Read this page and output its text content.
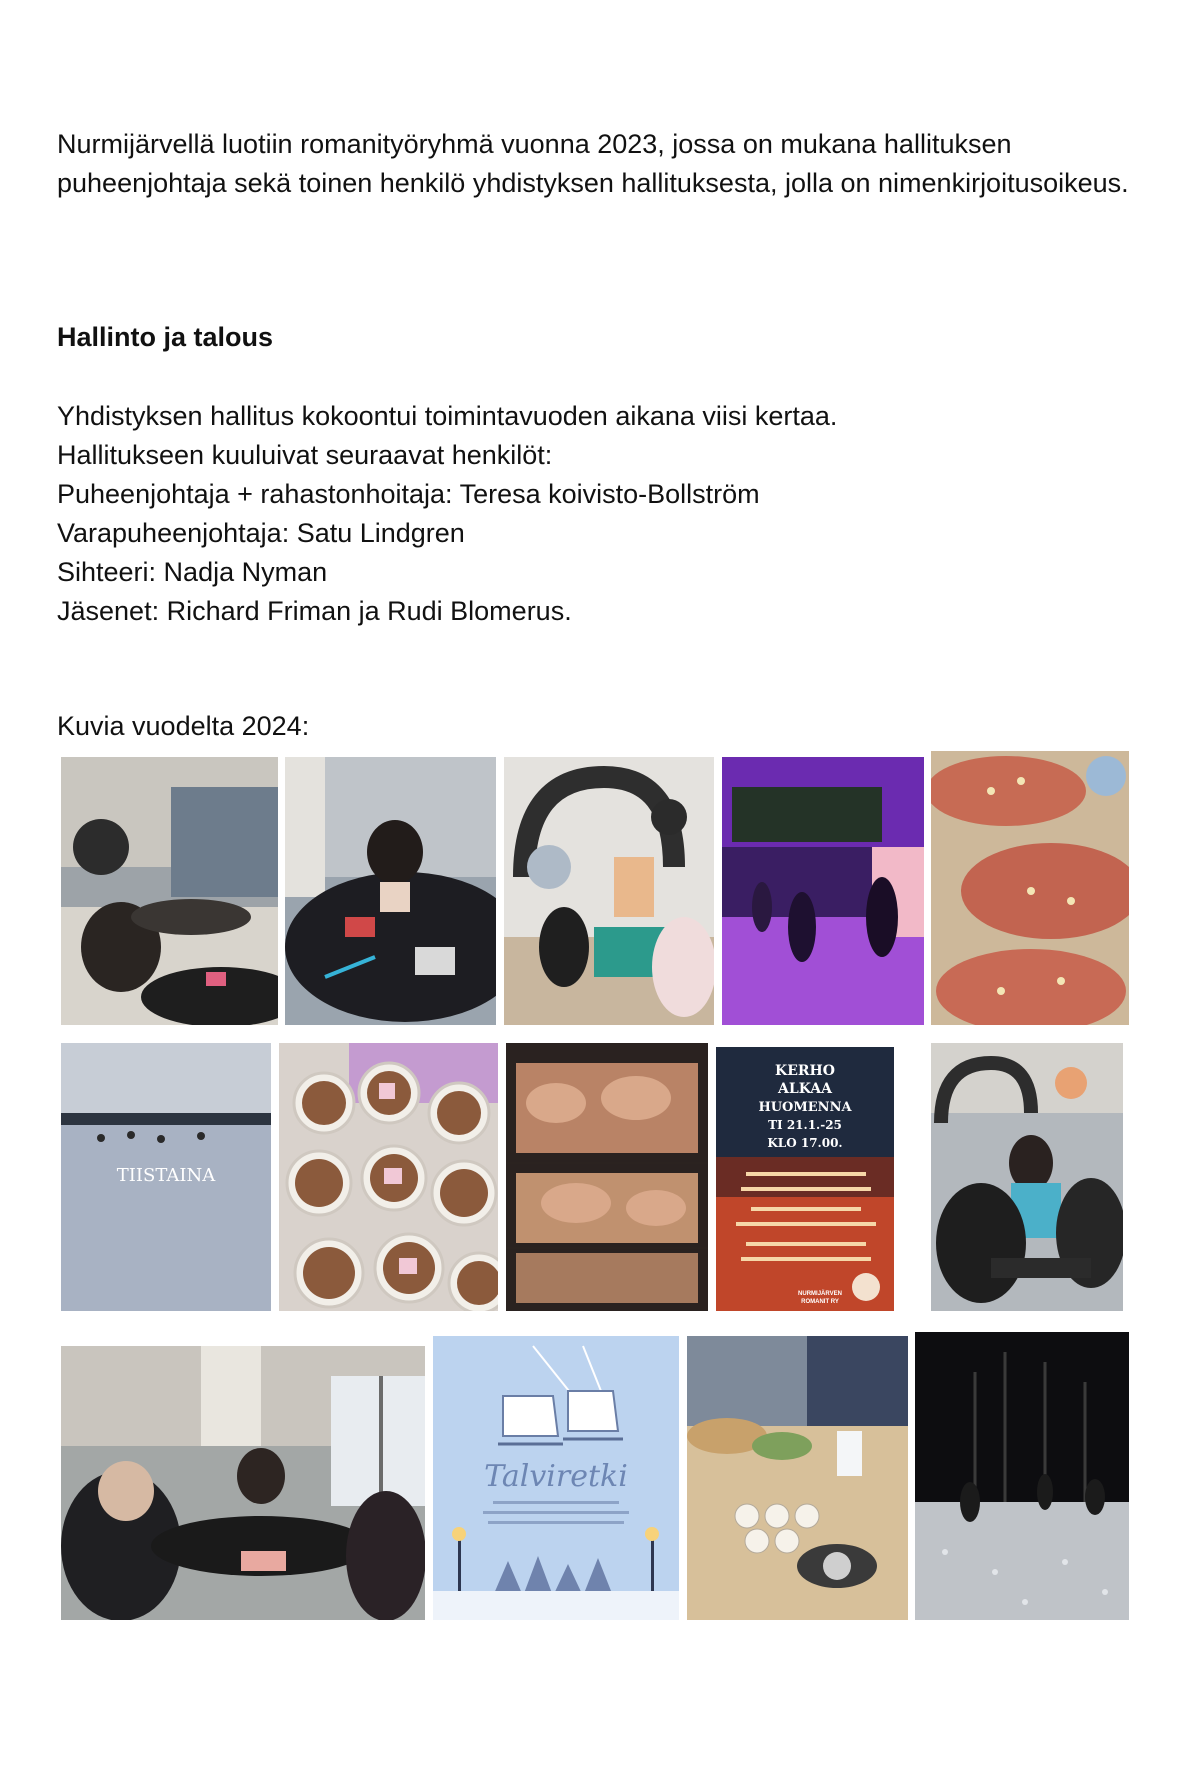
Nurmijärvellä luotiin romanityöryhmä vuonna 2023, jossa on mukana hallituksen puheenjohtaja sekä toinen henkilö yhdistyksen hallituksesta, jolla on nimenkirjoitusoikeus.

Hallinto ja talous

Yhdistyksen hallitus kokoontui toimintavuoden aikana viisi kertaa.
Hallitukseen kuuluivat seuraavat henkilöt:
Puheenjohtaja + rahastonhoitaja: Teresa koivisto-Bollström
Varapuheenjohtaja: Satu Lindgren
Sihteeri: Nadja Nyman
Jäsenet: Richard Friman ja Rudi Blomerus.

Kuvia vuodelta 2024:

TIISTAINA
KERHO
ALKAA
HUOMENNA
TI 21.1.-25
KLO 17.00.
NURMIJÄRVEN
ROMANIT RY
Talviretki
